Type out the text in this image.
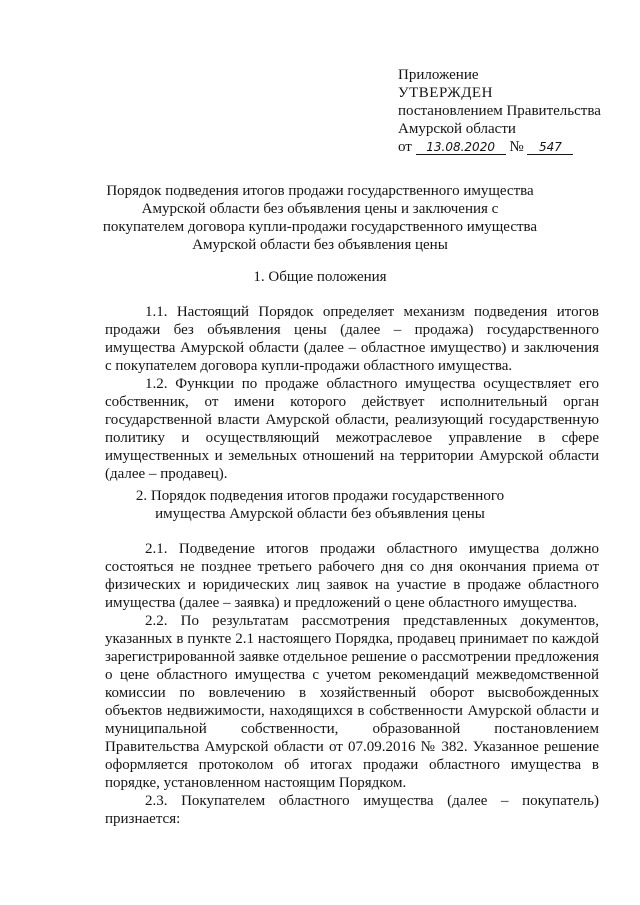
Приложение
УТВЕРЖДЕН
постановлением Правительства
Амурской области
от 13.08.2020 № 547
Порядок подведения итогов продажи государственного имущества Амурской области без объявления цены и заключения с покупателем договора купли-продажи государственного имущества Амурской области без объявления цены
1. Общие положения

1.1. Настоящий Порядок определяет механизм подведения итогов продажи без объявления цены (далее – продажа) государственного имущества Амурской области (далее – областное имущество) и заключения с покупателем договора купли-продажи областного имущества.

1.2. Функции по продаже областного имущества осуществляет его собственник, от имени которого действует исполнительный орган государственной власти Амурской области, реализующий государственную политику и осуществляющий межотраслевое управление в сфере имущественных и земельных отношений на территории Амурской области (далее – продавец).

2. Порядок подведения итогов продажи государственного имущества Амурской области без объявления цены

2.1. Подведение итогов продажи областного имущества должно состояться не позднее третьего рабочего дня со дня окончания приема от физических и юридических лиц заявок на участие в продаже областного имущества (далее – заявка) и предложений о цене областного имущества.

2.2. По результатам рассмотрения представленных документов, указанных в пункте 2.1 настоящего Порядка, продавец принимает по каждой зарегистрированной заявке отдельное решение о рассмотрении предложения о цене областного имущества с учетом рекомендаций межведомственной комиссии по вовлечению в хозяйственный оборот высвобожденных объектов недвижимости, находящихся в собственности Амурской области и муниципальной собственности, образованной постановлением Правительства Амурской области от 07.09.2016 № 382. Указанное решение оформляется протоколом об итогах продажи областного имущества в порядке, установленном настоящим Порядком.

2.3. Покупателем областного имущества (далее – покупатель) признается:
